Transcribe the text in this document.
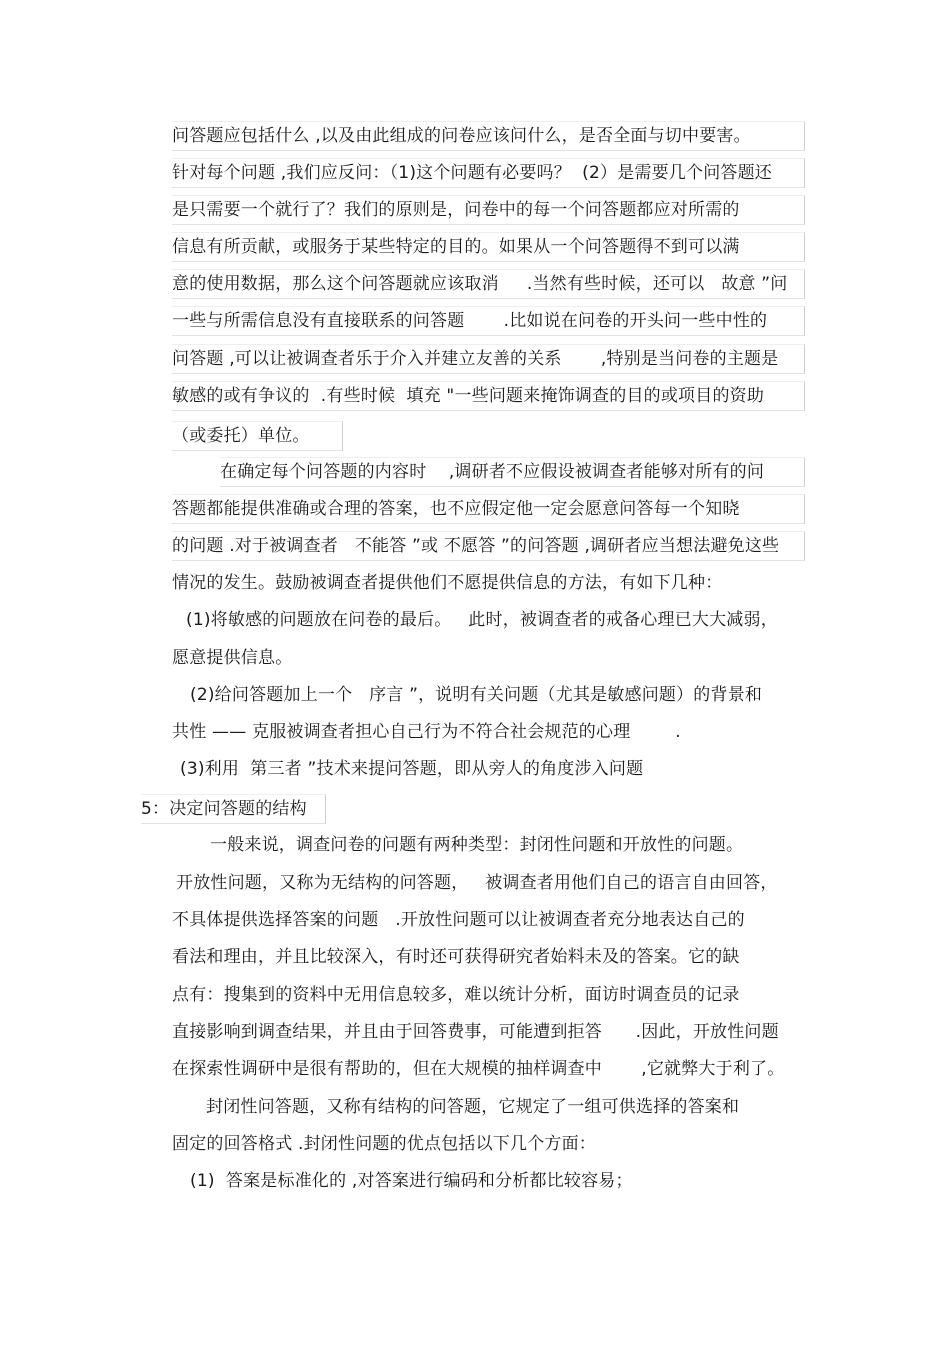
问答题应包括什么 ,以及由此组成的问卷应该问什么，是否全面与切中要害。
针对每个问题 ,我们应反问：（1)这个问题有必要吗？  (2）是需要几个问答题还
是只需要一个就行了？我们的原则是，问卷中的每一个问答题都应对所需的
信息有所贡献，或服务于某些特定的目的。如果从一个问答题得不到可以满
意的使用数据，那么这个问答题就应该取消     .当然有些时候，还可以   故意 ”问
一些与所需信息没有直接联系的问答题       .比如说在问卷的开头问一些中性的
问答题 ,可以让被调查者乐于介入并建立友善的关系       ,特别是当问卷的主题是
敏感的或有争议的  .有些时候  填充 "一些问题来掩饰调查的目的或项目的资助
（或委托）单位。
在确定每个问答题的内容时    ,调研者不应假设被调查者能够对所有的问
答题都能提供准确或合理的答案，也不应假定他一定会愿意问答每一个知晓
的问题 .对于被调查者   不能答 ”或 不愿答 ”的问答题 ,调研者应当想法避免这些
情况的发生。鼓励被调查者提供他们不愿提供信息的方法，有如下几种：
(1)将敏感的问题放在问卷的最后。   此时，被调查者的戒备心理已大大减弱，
愿意提供信息。
(2)给问答题加上一个   序言 ”，说明有关问题（尤其是敏感问题）的背景和
共性 —— 克服被调查者担心自己行为不符合社会规范的心理        .
(3)利用  第三者 ”技术来提问答题，即从旁人的角度涉入问题
5：决定问答题的结构
一般来说，调查问卷的问题有两种类型：封闭性问题和开放性的问题。
开放性问题，又称为无结构的问答题，   被调查者用他们自己的语言自由回答，
不具体提供选择答案的问题   .开放性问题可以让被调查者充分地表达自己的
看法和理由，并且比较深入，有时还可获得研究者始料未及的答案。它的缺
点有：搜集到的资料中无用信息较多，难以统计分析，面访时调查员的记录
直接影响到调查结果，并且由于回答费事，可能遭到拒答      .因此，开放性问题
在探索性调研中是很有帮助的，但在大规模的抽样调查中       ,它就弊大于利了。
封闭性问答题，又称有结构的问答题，它规定了一组可供选择的答案和
固定的回答格式 .封闭性问题的优点包括以下几个方面：
(1)  答案是标准化的 ,对答案进行编码和分析都比较容易；
